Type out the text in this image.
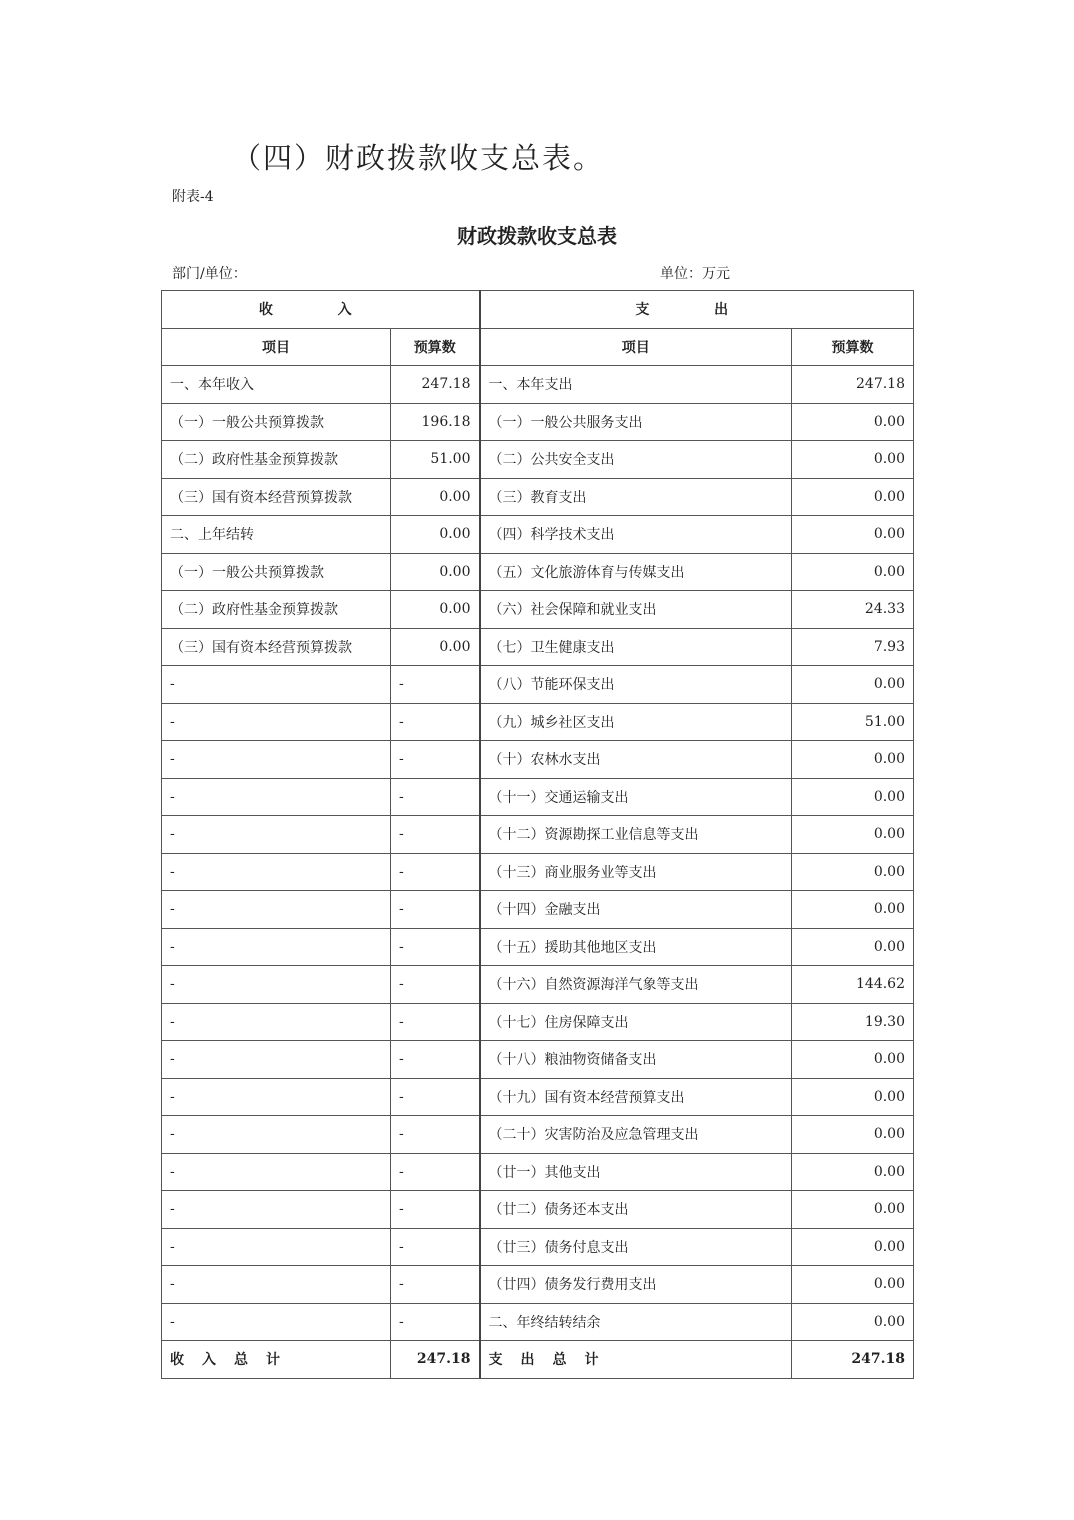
（四）财政拨款收支总表。
附表-4
财政拨款收支总表
部门/单位：	单位：万元
收 入		支 出	
项目	预算数	项目	预算数
一、本年收入	247.18	一、本年支出	247.18
（一）一般公共预算拨款	196.18	（一）一般公共服务支出	0.00
（二）政府性基金预算拨款	51.00	（二）公共安全支出	0.00
（三）国有资本经营预算拨款	0.00	（三）教育支出	0.00
二、上年结转	0.00	（四）科学技术支出	0.00
（一）一般公共预算拨款	0.00	（五）文化旅游体育与传媒支出	0.00
（二）政府性基金预算拨款	0.00	（六）社会保障和就业支出	24.33
（三）国有资本经营预算拨款	0.00	（七）卫生健康支出	7.93
-	-	（八）节能环保支出	0.00
-	-	（九）城乡社区支出	51.00
-	-	（十）农林水支出	0.00
-	-	（十一）交通运输支出	0.00
-	-	（十二）资源勘探工业信息等支出	0.00
-	-	（十三）商业服务业等支出	0.00
-	-	（十四）金融支出	0.00
-	-	（十五）援助其他地区支出	0.00
-	-	（十六）自然资源海洋气象等支出	144.62
-	-	（十七）住房保障支出	19.30
-	-	（十八）粮油物资储备支出	0.00
-	-	（十九）国有资本经营预算支出	0.00
-	-	（二十）灾害防治及应急管理支出	0.00
-	-	（廿一）其他支出	0.00
-	-	（廿二）债务还本支出	0.00
-	-	（廿三）债务付息支出	0.00
-	-	（廿四）债务发行费用支出	0.00
-	-	二、年终结转结余	0.00
收入总计	247.18	支出总计	247.18
